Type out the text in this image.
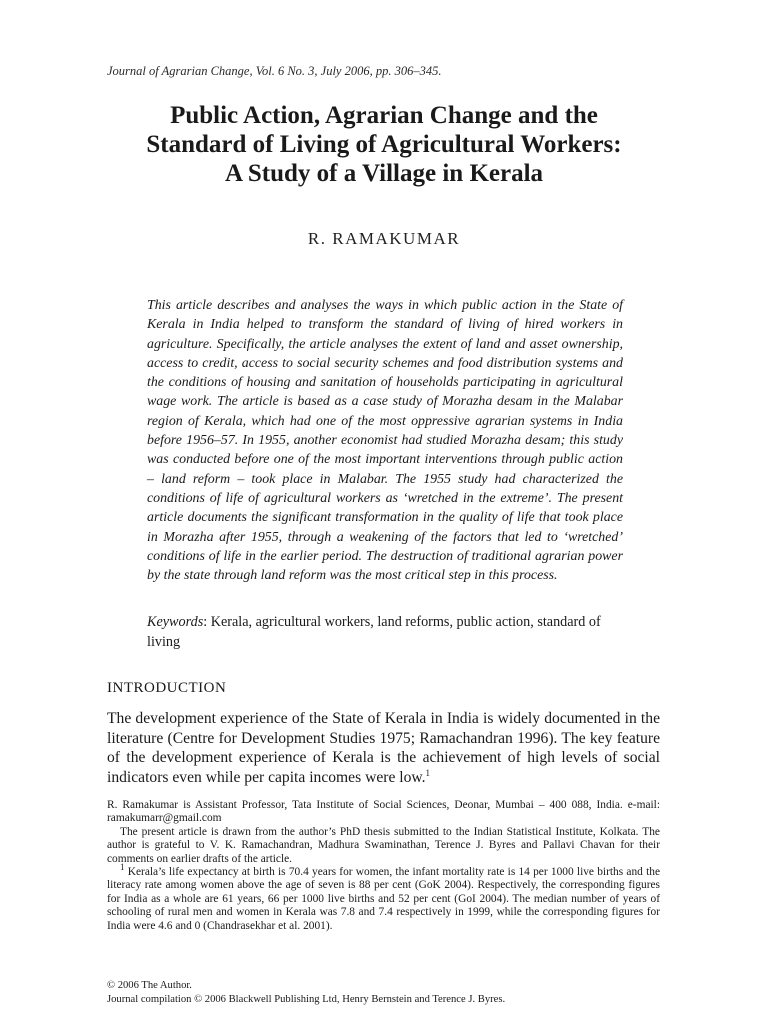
Journal of Agrarian Change, Vol. 6 No. 3, July 2006, pp. 306–345.
Public Action, Agrarian Change and the
Standard of Living of Agricultural Workers:
A Study of a Village in Kerala
R. RAMAKUMAR
This article describes and analyses the ways in which public action in the State of Kerala in India helped to transform the standard of living of hired workers in agriculture. Specifically, the article analyses the extent of land and asset ownership, access to credit, access to social security schemes and food distribution systems and the conditions of housing and sanitation of households participating in agricultural wage work. The article is based as a case study of Morazha desam in the Malabar region of Kerala, which had one of the most oppressive agrarian systems in India before 1956–57. In 1955, another economist had studied Morazha desam; this study was conducted before one of the most important interventions through public action – land reform – took place in Malabar. The 1955 study had characterized the conditions of life of agricultural workers as ‘wretched in the extreme’. The present article documents the significant transformation in the quality of life that took place in Morazha after 1955, through a weakening of the factors that led to ‘wretched’ conditions of life in the earlier period. The destruction of traditional agrarian power by the state through land reform was the most critical step in this process.
Keywords: Kerala, agricultural workers, land reforms, public action, standard of living
INTRODUCTION
The development experience of the State of Kerala in India is widely documented in the literature (Centre for Development Studies 1975; Ramachandran 1996). The key feature of the development experience of Kerala is the achievement of high levels of social indicators even while per capita incomes were low.$^1$

R. Ramakumar is Assistant Professor, Tata Institute of Social Sciences, Deonar, Mumbai – 400 088, India. e-mail: ramakumarr@gmail.com

The present article is drawn from the author’s PhD thesis submitted to the Indian Statistical Institute, Kolkata. The author is grateful to V. K. Ramachandran, Madhura Swaminathan, Terence J. Byres and Pallavi Chavan for their comments on earlier drafts of the article.

$^1$ Kerala’s life expectancy at birth is 70.4 years for women, the infant mortality rate is 14 per 1000 live births and the literacy rate among women above the age of seven is 88 per cent (GoK 2004). Respectively, the corresponding figures for India as a whole are 61 years, 66 per 1000 live births and 52 per cent (GoI 2004). The median number of years of schooling of rural men and women in Kerala was 7.8 and 7.4 respectively in 1999, while the corresponding figures for India were 4.6 and 0 (Chandrasekhar et al. 2001).

© 2006 The Author.
Journal compilation © 2006 Blackwell Publishing Ltd, Henry Bernstein and Terence J. Byres.
